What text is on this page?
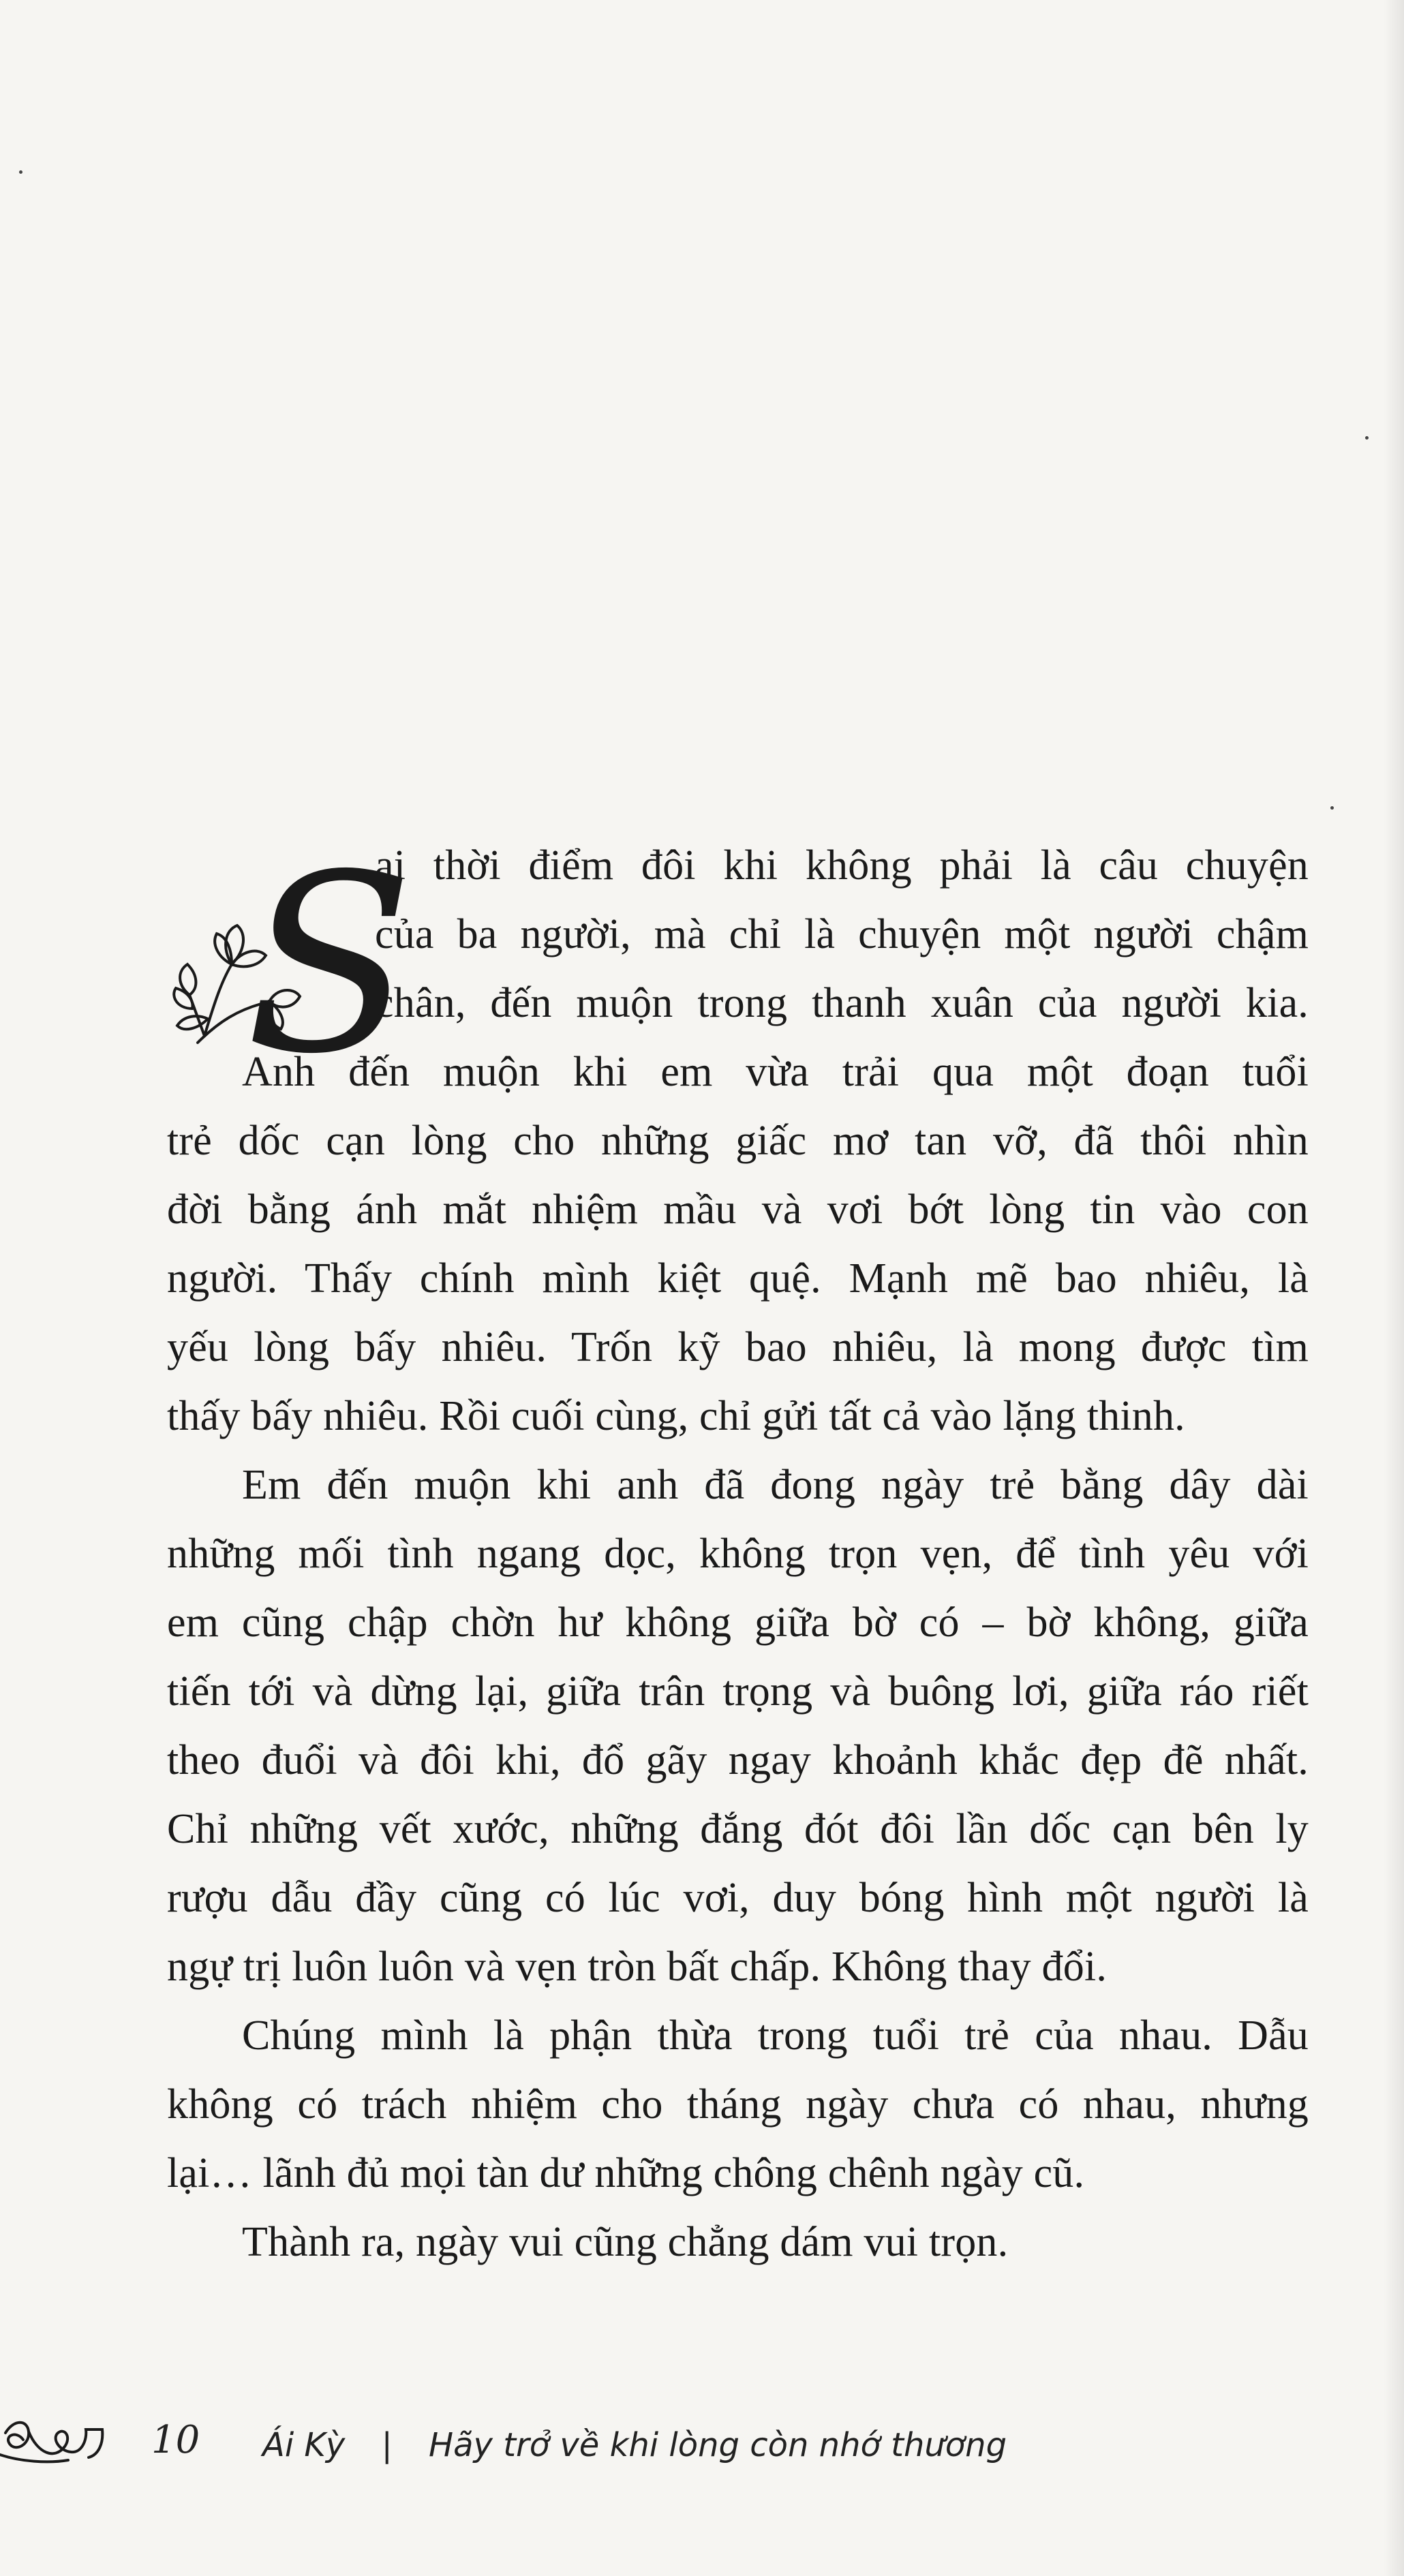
S
ai thời điểm đôi khi không phải là câu chuyện
của ba người, mà chỉ là chuyện một người chậm
chân, đến muộn trong thanh xuân của người kia.
Anh đến muộn khi em vừa trải qua một đoạn tuổi
trẻ dốc cạn lòng cho những giấc mơ tan vỡ, đã thôi nhìn
đời bằng ánh mắt nhiệm mầu và vơi bớt lòng tin vào con
người. Thấy chính mình kiệt quệ. Mạnh mẽ bao nhiêu, là
yếu lòng bấy nhiêu. Trốn kỹ bao nhiêu, là mong được tìm
thấy bấy nhiêu. Rồi cuối cùng, chỉ gửi tất cả vào lặng thinh.
Em đến muộn khi anh đã đong ngày trẻ bằng dây dài
những mối tình ngang dọc, không trọn vẹn, để tình yêu với
em cũng chập chờn hư không giữa bờ có – bờ không, giữa
tiến tới và dừng lại, giữa trân trọng và buông lơi, giữa ráo riết
theo đuổi và đôi khi, đổ gãy ngay khoảnh khắc đẹp đẽ nhất.
Chỉ những vết xước, những đắng đót đôi lần dốc cạn bên ly
rượu dẫu đầy cũng có lúc vơi, duy bóng hình một người là
ngự trị luôn luôn và vẹn tròn bất chấp. Không thay đổi.
Chúng mình là phận thừa trong tuổi trẻ của nhau. Dẫu
không có trách nhiệm cho tháng ngày chưa có nhau, nhưng
lại… lãnh đủ mọi tàn dư những chông chênh ngày cũ.
Thành ra, ngày vui cũng chẳng dám vui trọn.
10 Ái Kỳ | Hãy trở về khi lòng còn nhớ thương
